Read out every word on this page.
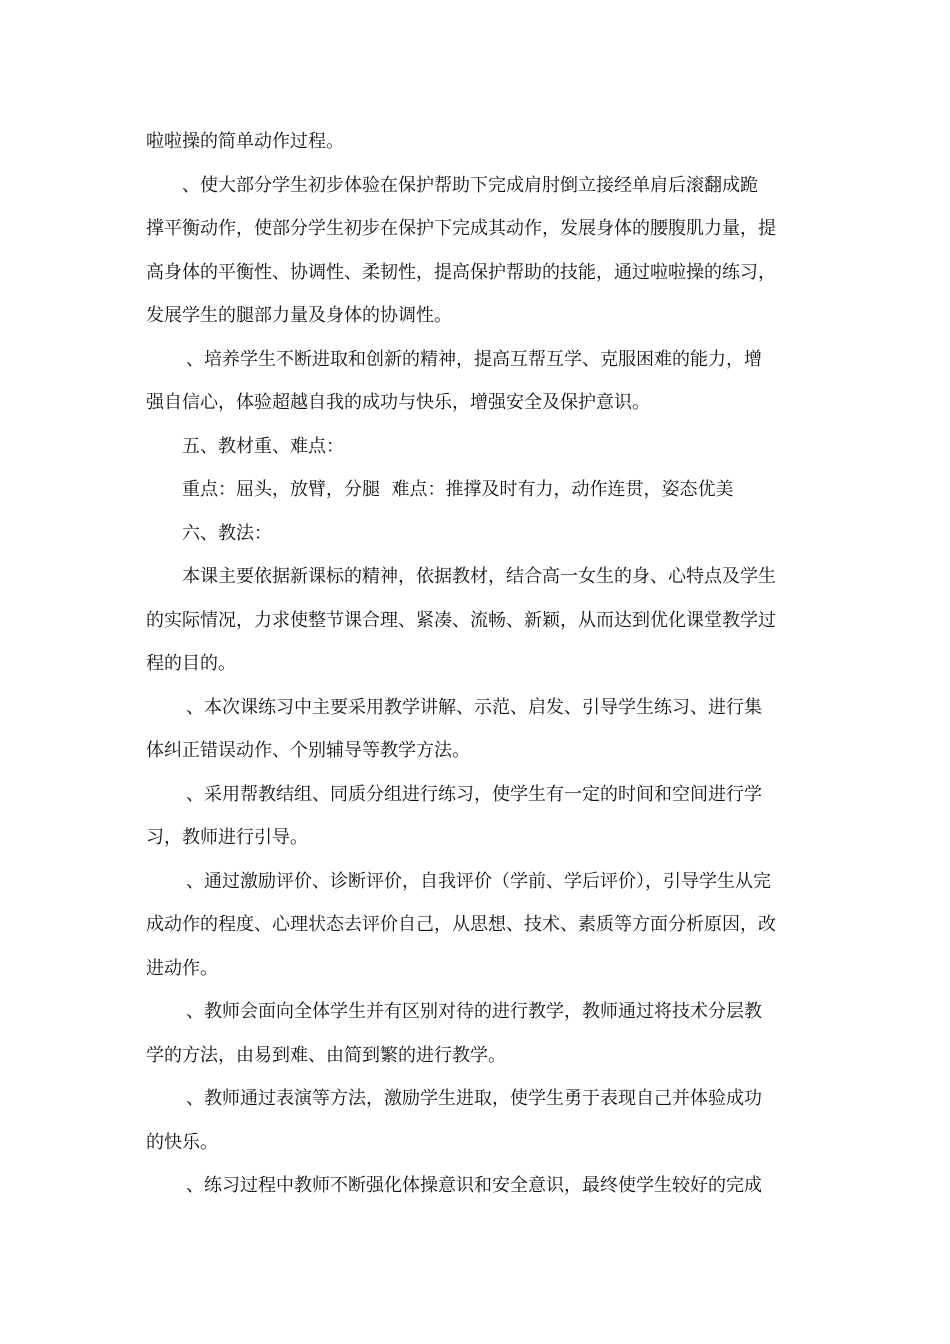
啦啦操的简单动作过程。

、使大部分学生初步体验在保护帮助下完成肩肘倒立接经单肩后滚翻成跪
撑平衡动作，使部分学生初步在保护下完成其动作，发展身体的腰腹肌力量，提
高身体的平衡性、协调性、柔韧性，提高保护帮助的技能，通过啦啦操的练习，
发展学生的腿部力量及身体的协调性。

、培养学生不断进取和创新的精神，提高互帮互学、克服困难的能力，增
强自信心，体验超越自我的成功与快乐，增强安全及保护意识。

五、教材重、难点：

重点：屈头，放臂，分腿  难点：推撑及时有力，动作连贯，姿态优美

六、教法：

本课主要依据新课标的精神，依据教材，结合高一女生的身、心特点及学生
的实际情况，力求使整节课合理、紧凑、流畅、新颖，从而达到优化课堂教学过
程的目的。

、本次课练习中主要采用教学讲解、示范、启发、引导学生练习、进行集
体纠正错误动作、个别辅导等教学方法。

、采用帮教结组、同质分组进行练习，使学生有一定的时间和空间进行学
习，教师进行引导。

、通过激励评价、诊断评价，自我评价（学前、学后评价），引导学生从完
成动作的程度、心理状态去评价自己，从思想、技术、素质等方面分析原因，改
进动作。

、教师会面向全体学生并有区别对待的进行教学，教师通过将技术分层教
学的方法，由易到难、由简到繁的进行教学。

、教师通过表演等方法，激励学生进取，使学生勇于表现自己并体验成功
的快乐。

、练习过程中教师不断强化体操意识和安全意识，最终使学生较好的完成
